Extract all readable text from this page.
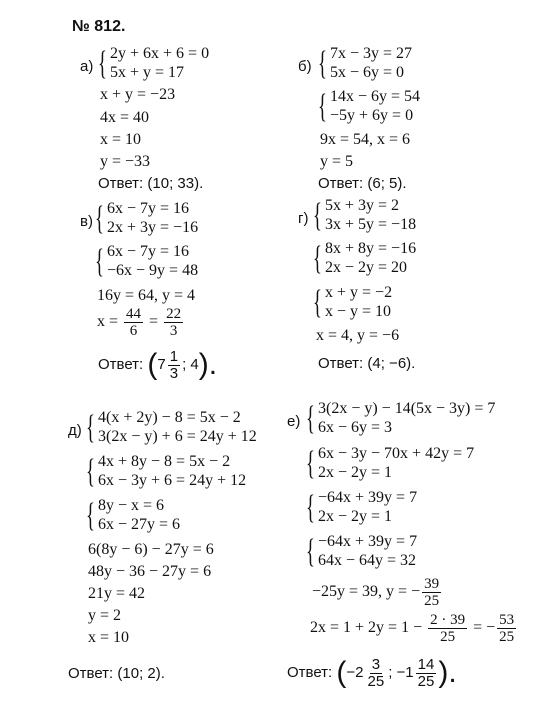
№ 812.
а) { 2y + 6x + 6 = 0
5x + y = 17
x + y = −23
4x = 40
x = 10
y = −33
Ответ: (10; 33).
б) { 7x − 3y = 27
5x − 6y = 0
{ 14x − 6y = 54
−5y + 6y = 0
9x = 54, x = 6
y = 5
Ответ: (6; 5).
в) { 6x − 7y = 16
2x + 3y = −16
{ 6x − 7y = 16
−6x − 9y = 48
16y = 64, y = 4
$x = \frac{44}{6} = \frac{22}{3}$
Ответ: ($7 \frac{1}{3}$ ; 4).
г) { 5x + 3y = 2
3x + 5y = −18
{ 8x + 8y = −16
2x − 2y = 20
{ x + y = −2
x − y = 10
x = 4, y = −6
Ответ: (4; −6).
д) { 4(x + 2y) − 8 = 5x − 2
3(2x − y) + 6 = 24y + 12
{ 4x + 8y − 8 = 5x − 2
6x − 3y + 6 = 24y + 12
{ 8y − x = 6
6x − 27y = 6
6(8y − 6) − 27y = 6
48y − 36 − 27y = 6
21y = 42
y = 2
x = 10
Ответ: (10; 2).
е) { 3(2x − y) − 14(5x − 3y) = 7
6x − 6y = 3
{ 6x − 3y − 70x + 42y = 7
2x − 2y = 1
{ −64x + 39y = 7
2x − 2y = 1
{ −64x + 39y = 7
64x − 64y = 32
−25y = 39, y = − $\frac{39}{25}$
$2x = 1 + 2y = 1 - \frac{2 \cdot 39}{25}$ = − $\frac{53}{25}$
Ответ: ($-2 \frac{3}{25}$ ; $-1 \frac{14}{25}$ ).
